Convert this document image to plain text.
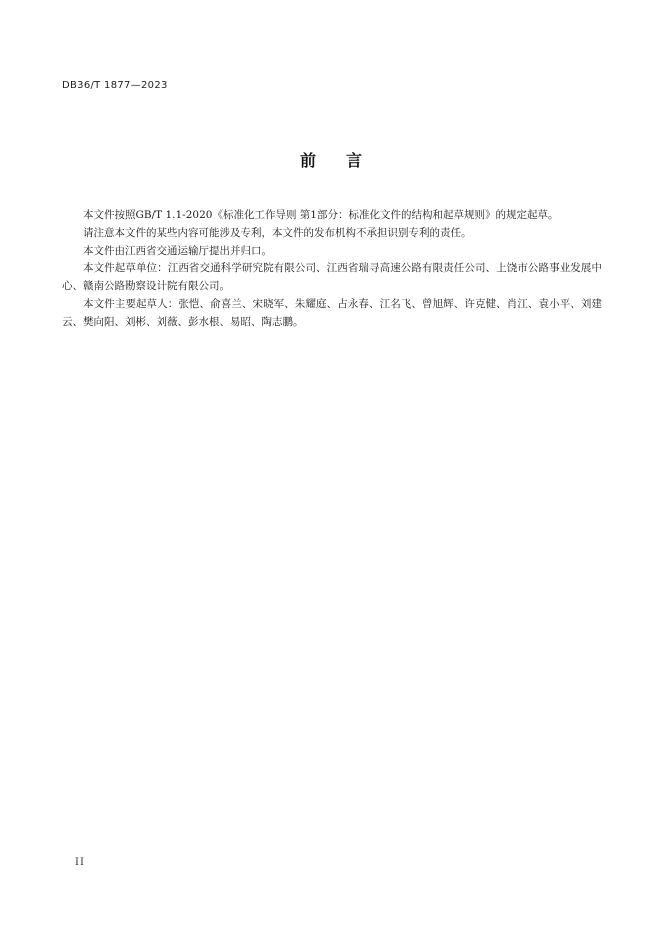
DB36/T 1877—2023
前 言

本文件按照GB/T 1.1-2020《标准化工作导则 第1部分：标准化文件的结构和起草规则》的规定起草。

请注意本文件的某些内容可能涉及专利，本文件的发布机构不承担识别专利的责任。

本文件由江西省交通运输厅提出并归口。

本文件起草单位：江西省交通科学研究院有限公司、江西省瑞寻高速公路有限责任公司、上饶市公路事业发展中心、赣南公路勘察设计院有限公司。

本文件主要起草人：张恺、俞喜兰、宋晓军、朱耀庭、占永春、江名飞、曾旭辉、许克健、肖江、袁小平、刘建云、樊向阳、刘彬、刘薇、彭水根、易昭、陶志鹏。

II
